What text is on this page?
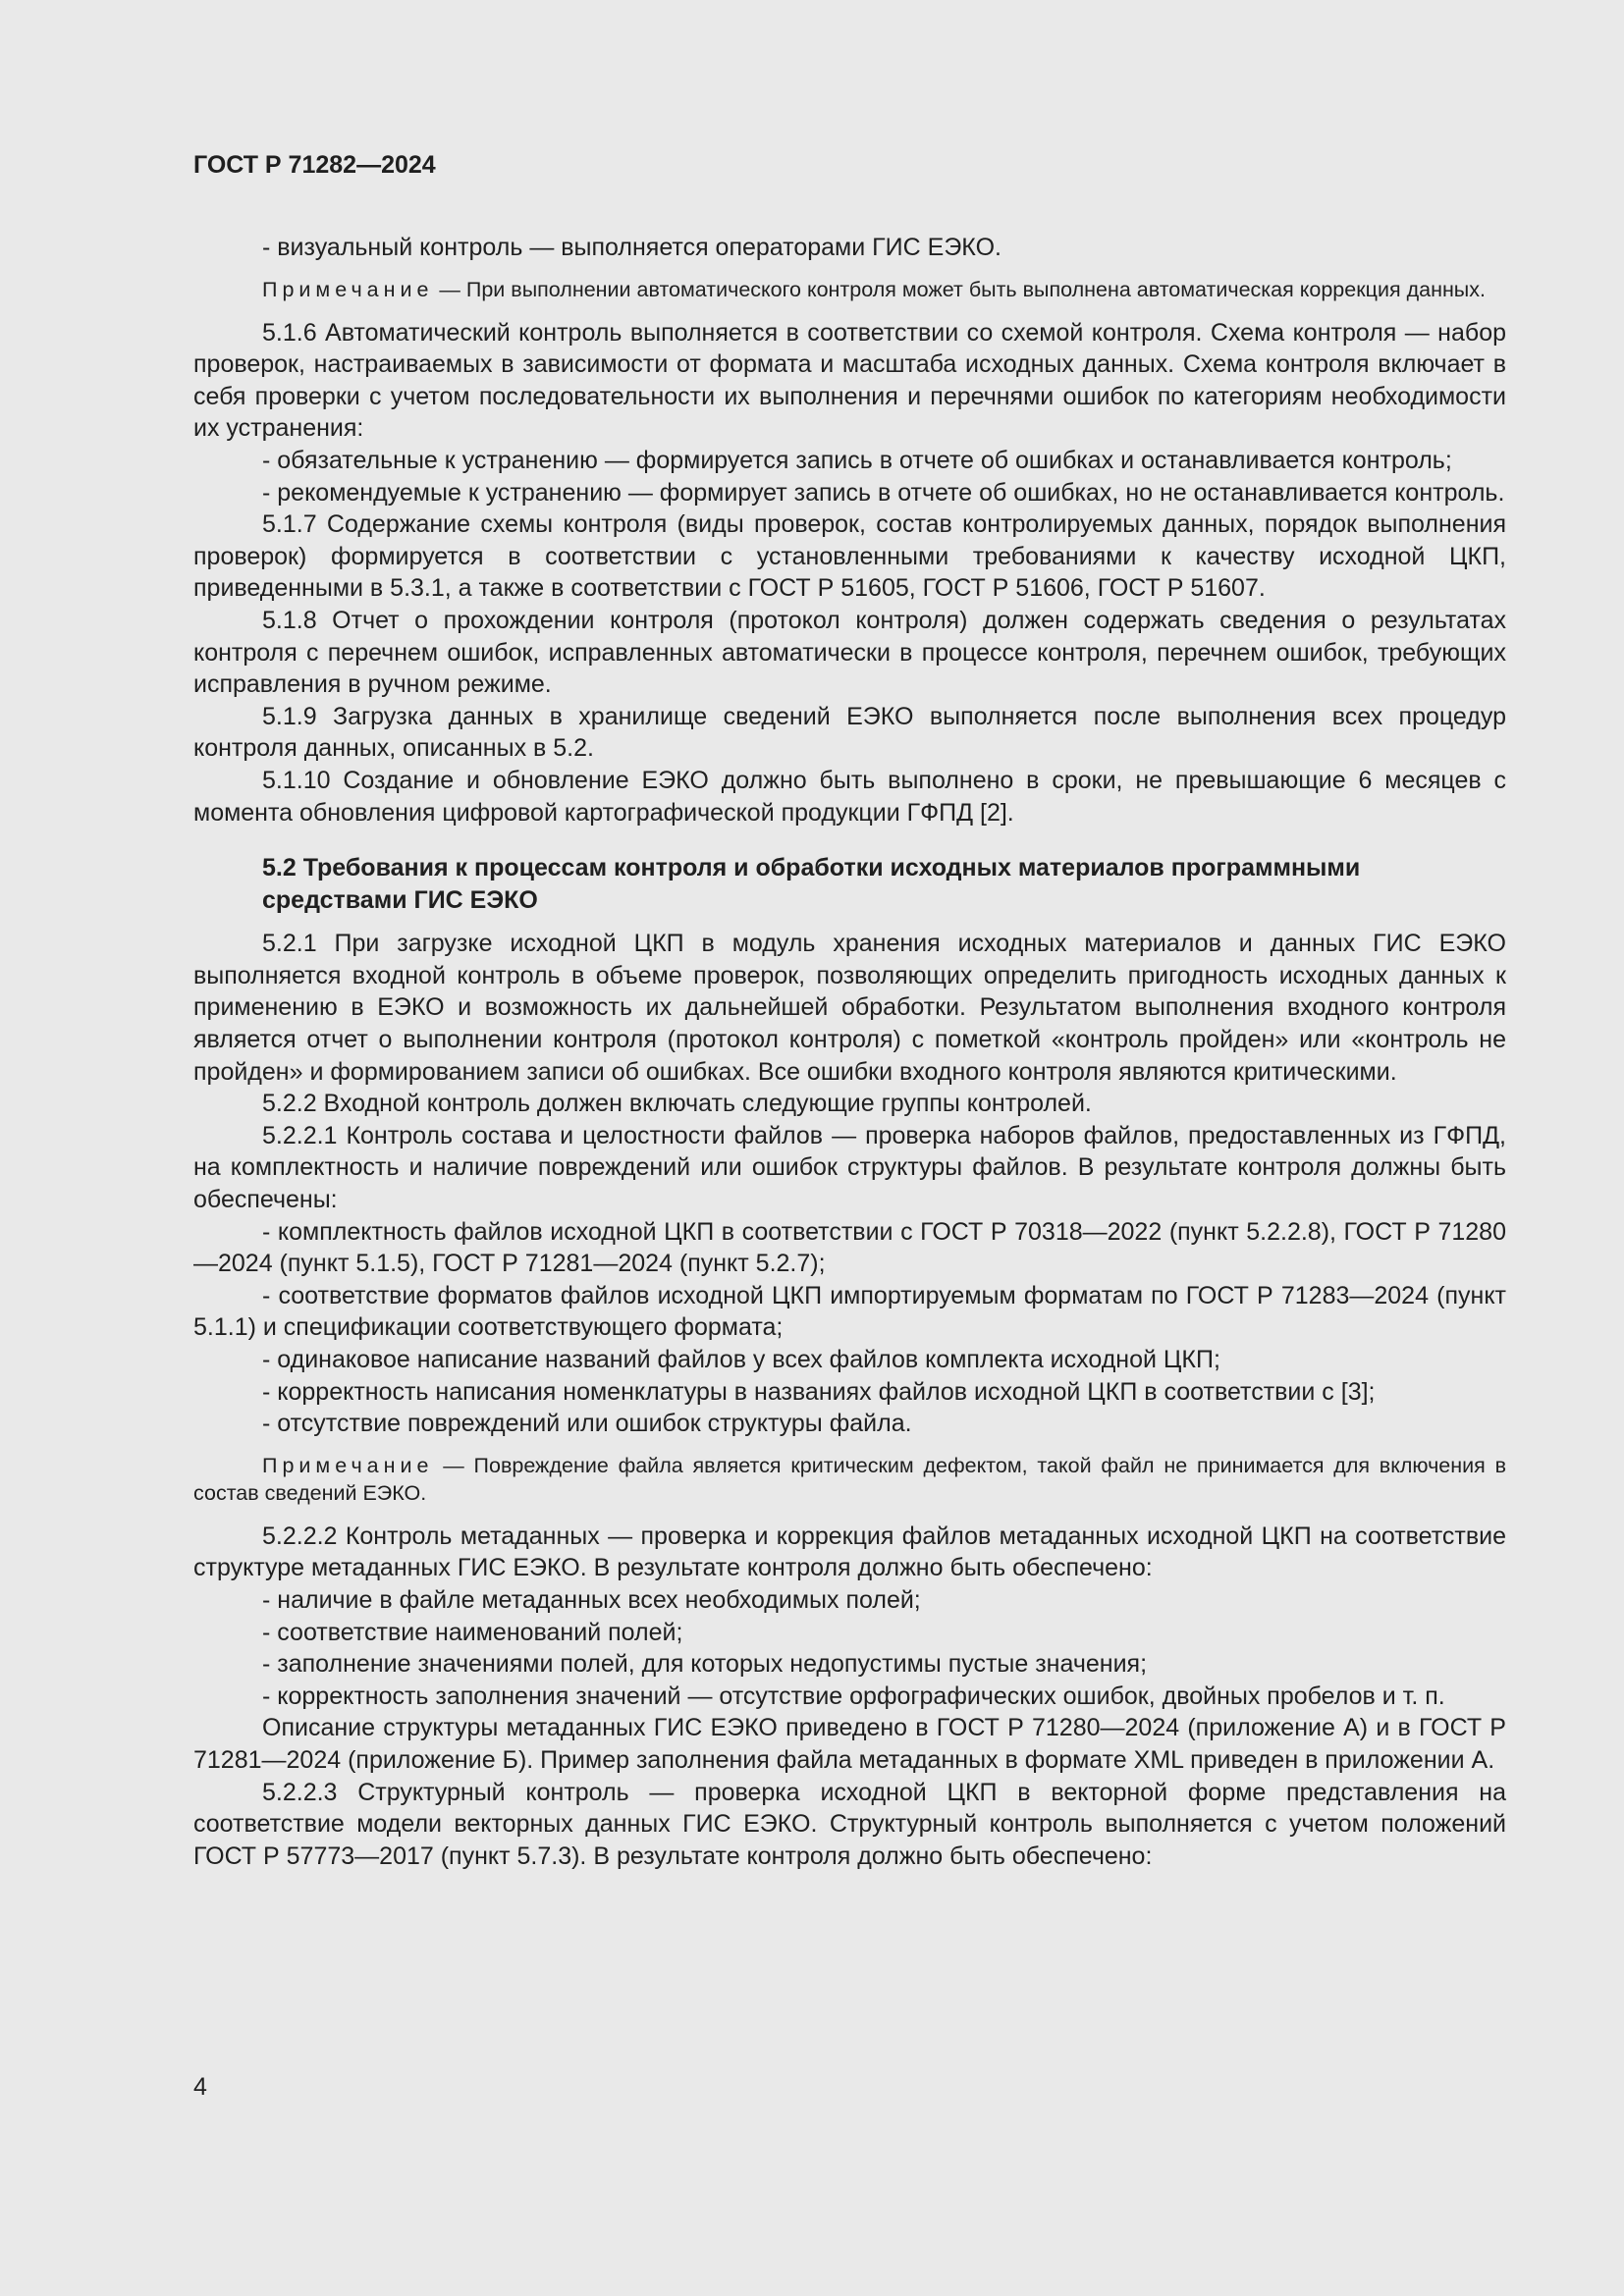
ГОСТ Р 71282—2024

- визуальный контроль — выполняется операторами ГИС ЕЭКО.

Примечание — При выполнении автоматического контроля может быть выполнена автоматическая коррекция данных.

5.1.6 Автоматический контроль выполняется в соответствии со схемой контроля. Схема контроля — набор проверок, настраиваемых в зависимости от формата и масштаба исходных данных. Схема контроля включает в себя проверки с учетом последовательности их выполнения и перечнями ошибок по категориям необходимости их устранения:

- обязательные к устранению — формируется запись в отчете об ошибках и останавливается контроль;

- рекомендуемые к устранению — формирует запись в отчете об ошибках, но не останавливается контроль.

5.1.7 Содержание схемы контроля (виды проверок, состав контролируемых данных, порядок выполнения проверок) формируется в соответствии с установленными требованиями к качеству исходной ЦКП, приведенными в 5.3.1, а также в соответствии с ГОСТ Р 51605, ГОСТ Р 51606, ГОСТ Р 51607.

5.1.8 Отчет о прохождении контроля (протокол контроля) должен содержать сведения о результатах контроля с перечнем ошибок, исправленных автоматически в процессе контроля, перечнем ошибок, требующих исправления в ручном режиме.

5.1.9 Загрузка данных в хранилище сведений ЕЭКО выполняется после выполнения всех процедур контроля данных, описанных в 5.2.

5.1.10 Создание и обновление ЕЭКО должно быть выполнено в сроки, не превышающие 6 месяцев с момента обновления цифровой картографической продукции ГФПД [2].

5.2 Требования к процессам контроля и обработки исходных материалов программными средствами ГИС ЕЭКО

5.2.1 При загрузке исходной ЦКП в модуль хранения исходных материалов и данных ГИС ЕЭКО выполняется входной контроль в объеме проверок, позволяющих определить пригодность исходных данных к применению в ЕЭКО и возможность их дальнейшей обработки. Результатом выполнения входного контроля является отчет о выполнении контроля (протокол контроля) с пометкой «контроль пройден» или «контроль не пройден» и формированием записи об ошибках. Все ошибки входного контроля являются критическими.

5.2.2 Входной контроль должен включать следующие группы контролей.

5.2.2.1 Контроль состава и целостности файлов — проверка наборов файлов, предоставленных из ГФПД, на комплектность и наличие повреждений или ошибок структуры файлов. В результате контроля должны быть обеспечены:

- комплектность файлов исходной ЦКП в соответствии с ГОСТ Р 70318—2022 (пункт 5.2.2.8), ГОСТ Р 71280—2024 (пункт 5.1.5), ГОСТ Р 71281—2024 (пункт 5.2.7);

- соответствие форматов файлов исходной ЦКП импортируемым форматам по ГОСТ Р 71283—2024 (пункт 5.1.1) и спецификации соответствующего формата;

- одинаковое написание названий файлов у всех файлов комплекта исходной ЦКП;

- корректность написания номенклатуры в названиях файлов исходной ЦКП в соответствии с [3];

- отсутствие повреждений или ошибок структуры файла.

Примечание — Повреждение файла является критическим дефектом, такой файл не принимается для включения в состав сведений ЕЭКО.

5.2.2.2 Контроль метаданных — проверка и коррекция файлов метаданных исходной ЦКП на соответствие структуре метаданных ГИС ЕЭКО. В результате контроля должно быть обеспечено:

- наличие в файле метаданных всех необходимых полей;

- соответствие наименований полей;

- заполнение значениями полей, для которых недопустимы пустые значения;

- корректность заполнения значений — отсутствие орфографических ошибок, двойных пробелов и т. п.

Описание структуры метаданных ГИС ЕЭКО приведено в ГОСТ Р 71280—2024 (приложение А) и в ГОСТ Р 71281—2024 (приложение Б). Пример заполнения файла метаданных в формате XML приведен в приложении А.

5.2.2.3 Структурный контроль — проверка исходной ЦКП в векторной форме представления на соответствие модели векторных данных ГИС ЕЭКО. Структурный контроль выполняется с учетом положений ГОСТ Р 57773—2017 (пункт 5.7.3). В результате контроля должно быть обеспечено:

4
